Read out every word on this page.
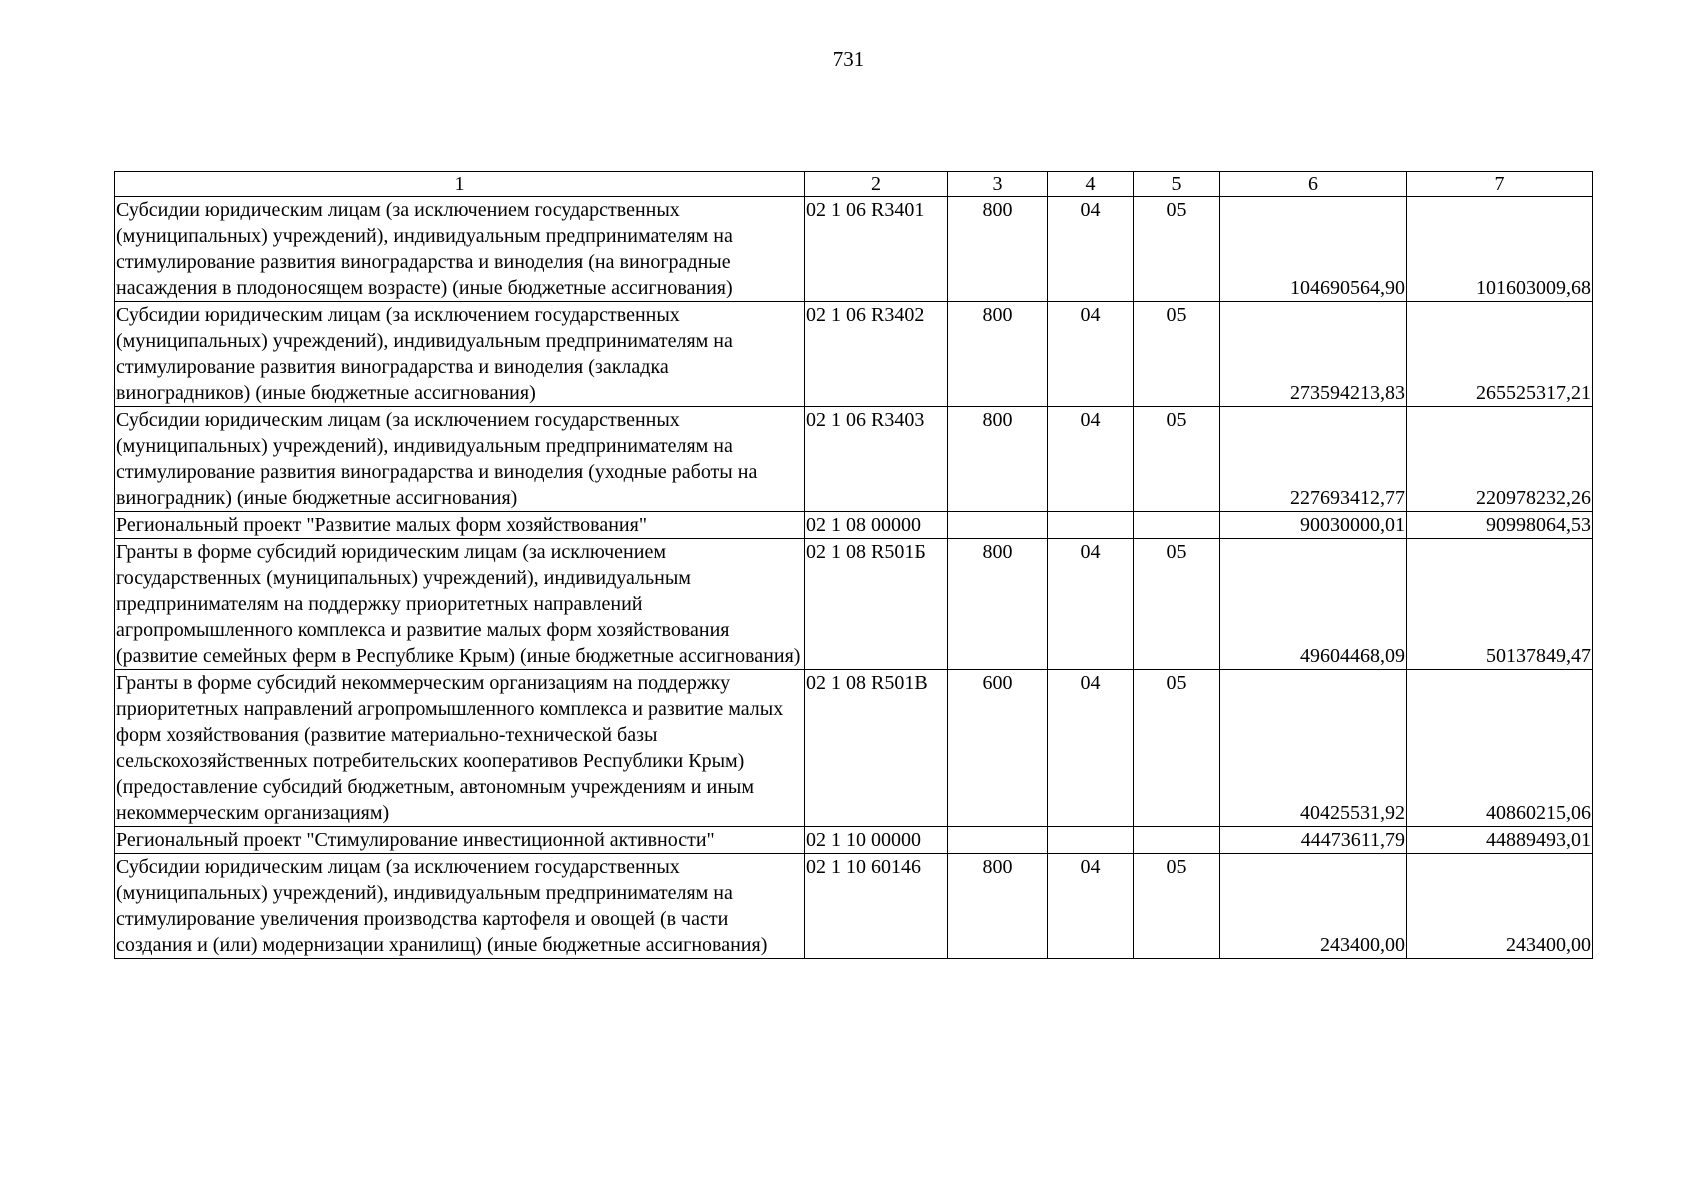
731
1	2	3	4	5	6	7
Субсидии юридическим лицам (за исключением государственных (муниципальных) учреждений), индивидуальным предпринимателям на стимулирование развития виноградарства и виноделия (на виноградные насаждения в плодоносящем возрасте) (иные бюджетные ассигнования)	02 1 06 R3401	800	04	05	104690564,90	101603009,68
Субсидии юридическим лицам (за исключением государственных (муниципальных) учреждений), индивидуальным предпринимателям на стимулирование развития виноградарства и виноделия (закладка виноградников) (иные бюджетные ассигнования)	02 1 06 R3402	800	04	05	273594213,83	265525317,21
Субсидии юридическим лицам (за исключением государственных (муниципальных) учреждений), индивидуальным предпринимателям на стимулирование развития виноградарства и виноделия (уходные работы на виноградник) (иные бюджетные ассигнования)	02 1 06 R3403	800	04	05	227693412,77	220978232,26
Региональный проект "Развитие малых форм хозяйствования"	02 1 08 00000				90030000,01	90998064,53
Гранты в форме субсидий юридическим лицам (за исключением государственных (муниципальных) учреждений), индивидуальным предпринимателям на поддержку приоритетных направлений агропромышленного комплекса и развитие малых форм хозяйствования (развитие семейных ферм в Республике Крым) (иные бюджетные ассигнования)	02 1 08 R501Б	800	04	05	49604468,09	50137849,47
Гранты в форме субсидий некоммерческим организациям на поддержку приоритетных направлений агропромышленного комплекса и развитие малых форм хозяйствования (развитие материально-технической базы сельскохозяйственных потребительских кооперативов Республики Крым) (предоставление субсидий бюджетным, автономным учреждениям и иным некоммерческим организациям)	02 1 08 R501В	600	04	05	40425531,92	40860215,06
Региональный проект "Стимулирование инвестиционной активности"	02 1 10 00000				44473611,79	44889493,01
Субсидии юридическим лицам (за исключением государственных (муниципальных) учреждений), индивидуальным предпринимателям на стимулирование увеличения производства картофеля и овощей (в части создания и (или) модернизации хранилищ) (иные бюджетные ассигнования)	02 1 10 60146	800	04	05	243400,00	243400,00
